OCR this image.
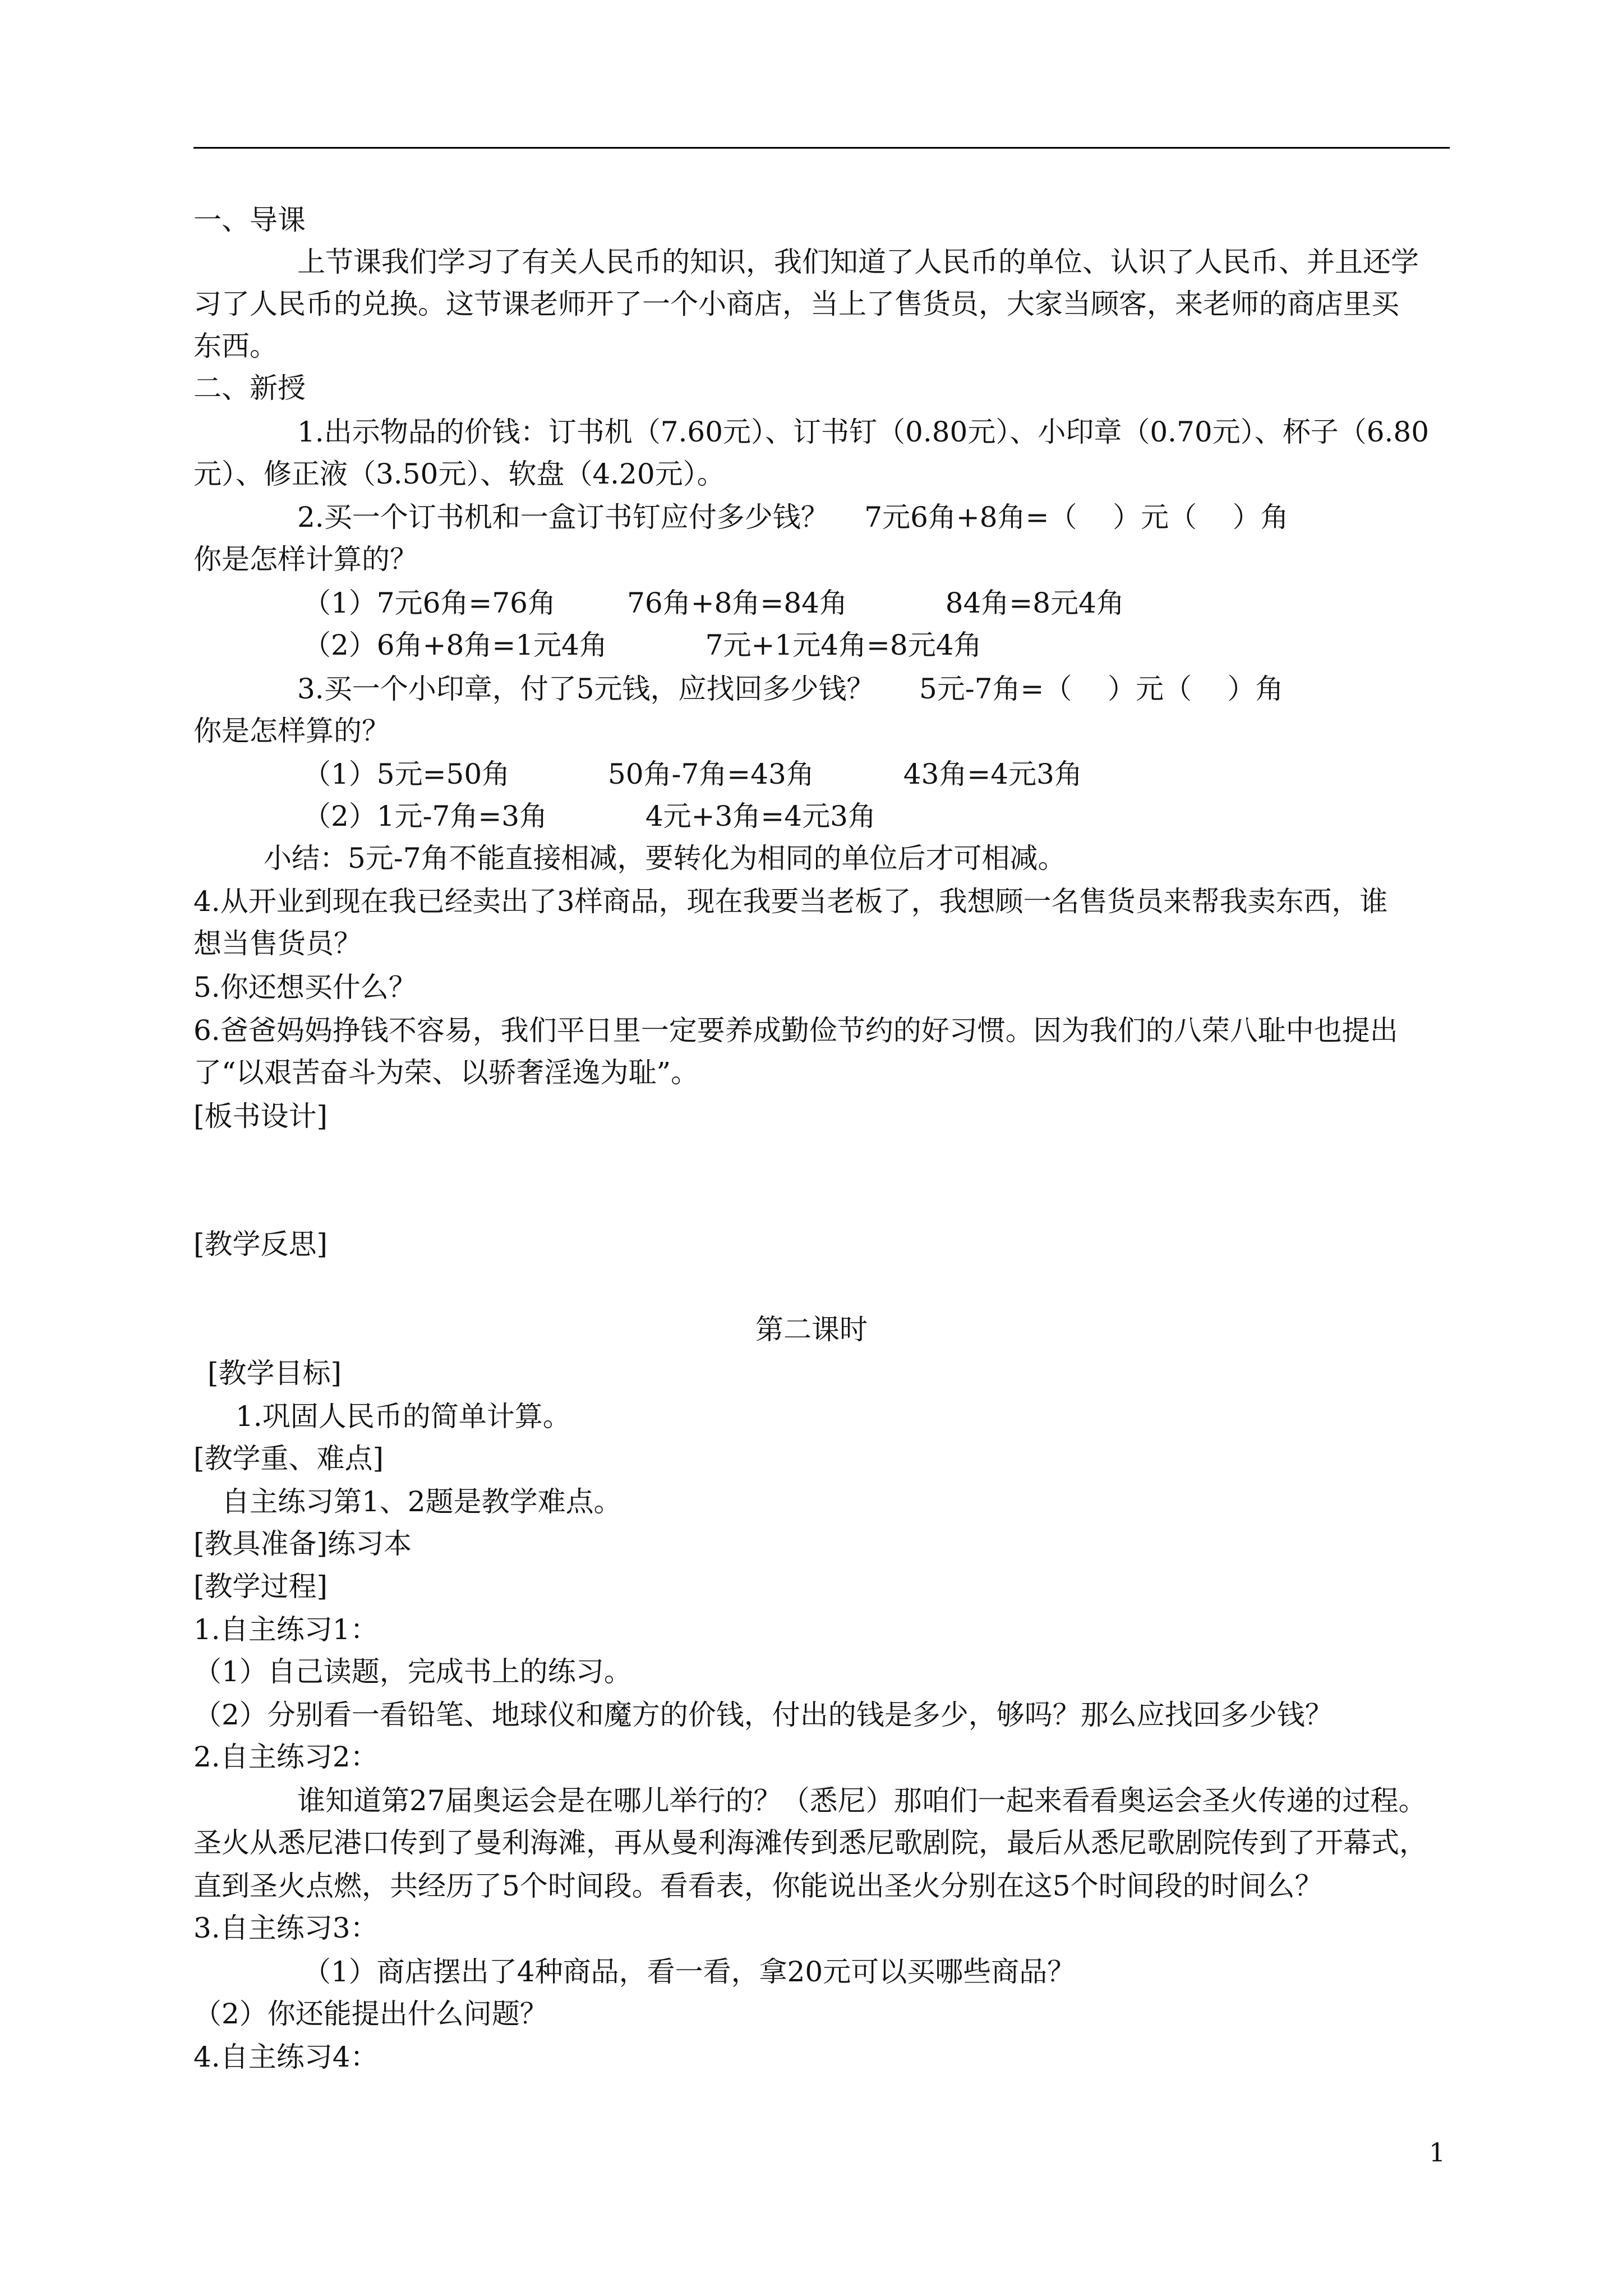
一、导课
上节课我们学习了有关人民币的知识，我们知道了人民币的单位、认识了人民币、并且还学
习了人民币的兑换。这节课老师开了一个小商店，当上了售货员，大家当顾客，来老师的商店里买
东西。
二、新授
1.出示物品的价钱：订书机（7.60元）、订书钉（0.80元）、小印章（0.70元）、杯子（6.80
元）、修正液（3.50元）、软盘（4.20元）。
2.买一个订书机和一盒订书钉应付多少钱？    7元6角+8角=（    ）元（    ）角
你是怎样计算的？
（1）7元6角=76角        76角+8角=84角           84角=8元4角
（2）6角+8角=1元4角           7元+1元4角=8元4角
3.买一个小印章，付了5元钱，应找回多少钱？     5元-7角=（    ）元（    ）角
你是怎样算的？
（1）5元=50角           50角-7角=43角          43角=4元3角
（2）1元-7角=3角           4元+3角=4元3角
小结：5元-7角不能直接相减，要转化为相同的单位后才可相减。
4.从开业到现在我已经卖出了3样商品，现在我要当老板了，我想顾一名售货员来帮我卖东西，谁
想当售货员？
5.你还想买什么？
6.爸爸妈妈挣钱不容易，我们平日里一定要养成勤俭节约的好习惯。因为我们的八荣八耻中也提出
了“以艰苦奋斗为荣、以骄奢淫逸为耻”。
[板书设计]
[教学反思]
第二课时
[教学目标]
1.巩固人民币的简单计算。
[教学重、难点]
自主练习第1、2题是教学难点。
[教具准备]练习本
[教学过程]
1.自主练习1：
（1）自己读题，完成书上的练习。
（2）分别看一看铅笔、地球仪和魔方的价钱，付出的钱是多少，够吗？那么应找回多少钱？
2.自主练习2：
谁知道第27届奥运会是在哪儿举行的？（悉尼）那咱们一起来看看奥运会圣火传递的过程。
圣火从悉尼港口传到了曼利海滩，再从曼利海滩传到悉尼歌剧院，最后从悉尼歌剧院传到了开幕式，
直到圣火点燃，共经历了5个时间段。看看表，你能说出圣火分别在这5个时间段的时间么？
3.自主练习3：
（1）商店摆出了4种商品，看一看，拿20元可以买哪些商品？
（2）你还能提出什么问题？
4.自主练习4：
1
